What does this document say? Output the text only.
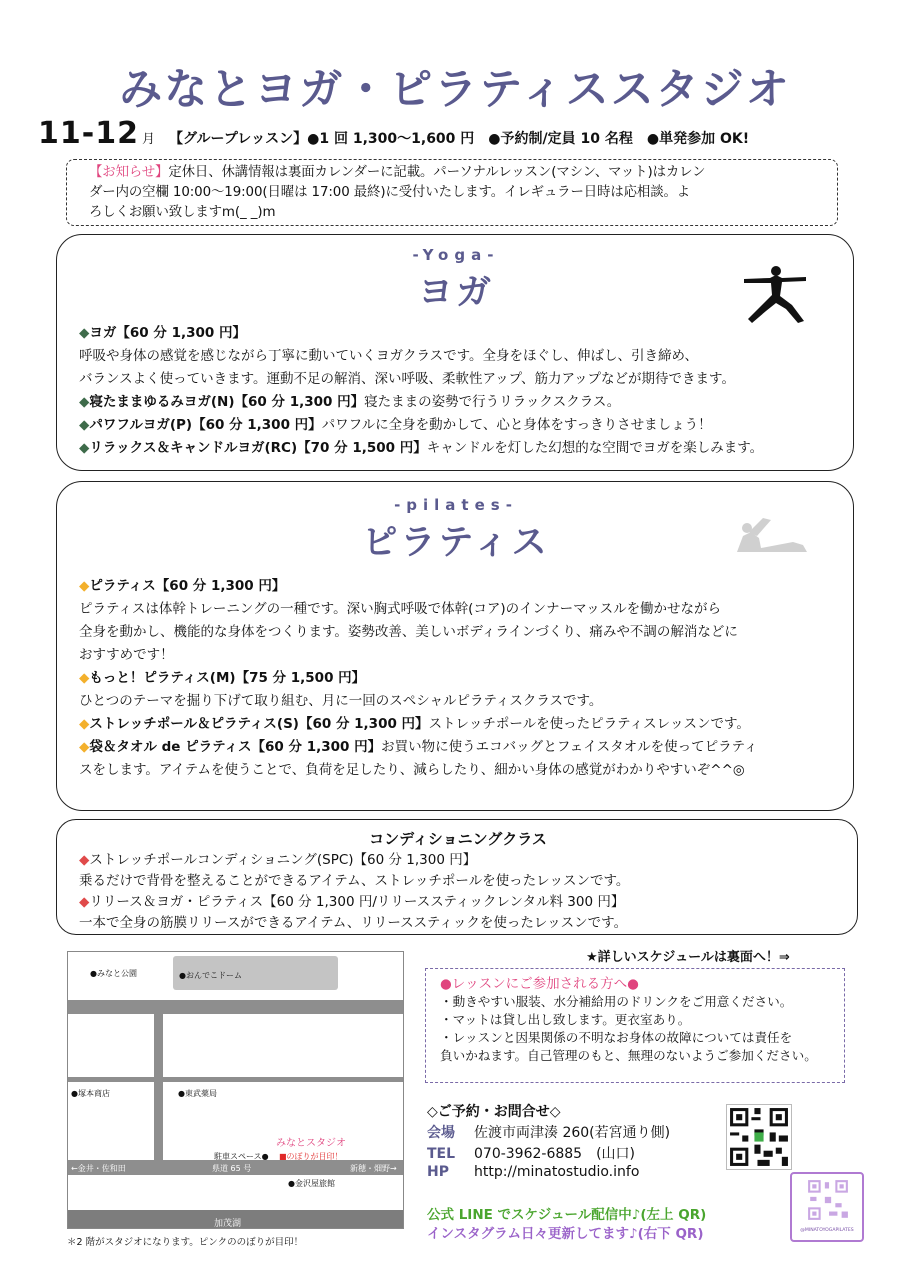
みなとヨガ・ピラティススタジオ
11-12 月 【グループレッスン】●1 回 1,300〜1,600 円　●予約制/定員 10 名程　●単発参加 OK!
【お知らせ】定休日、休講情報は裏面カレンダーに記載。パーソナルレッスン(マシン、マット)はカレン
ダー内の空欄 10:00〜19:00(日曜は 17:00 最終)に受付いたします。イレギュラー日時は応相談。よ
ろしくお願い致しますm(_ _)m
-Yoga-
ヨガ
◆ヨガ【60 分 1,300 円】
呼吸や身体の感覚を感じながら丁寧に動いていくヨガクラスです。全身をほぐし、伸ばし、引き締め、
バランスよく使っていきます。運動不足の解消、深い呼吸、柔軟性アップ、筋力アップなどが期待できます。
◆寝たままゆるみヨガ(N)【60 分 1,300 円】寝たままの姿勢で行うリラックスクラス。
◆パワフルヨガ(P)【60 分 1,300 円】パワフルに全身を動かして、心と身体をすっきりさせましょう！
◆リラックス＆キャンドルヨガ(RC)【70 分 1,500 円】キャンドルを灯した幻想的な空間でヨガを楽しみます。
-pilates-
ピラティス
◆ピラティス【60 分 1,300 円】
ピラティスは体幹トレーニングの一種です。深い胸式呼吸で体幹(コア)のインナーマッスルを働かせながら
全身を動かし、機能的な身体をつくります。姿勢改善、美しいボディラインづくり、痛みや不調の解消などに
おすすめです！
◆もっと！ピラティス(M)【75 分 1,500 円】
ひとつのテーマを掘り下げて取り組む、月に一回のスペシャルピラティスクラスです。
◆ストレッチポール＆ピラティス(S)【60 分 1,300 円】ストレッチポールを使ったピラティスレッスンです。
◆袋＆タオル de ピラティス【60 分 1,300 円】お買い物に使うエコバッグとフェイスタオルを使ってピラティ
スをします。アイテムを使うことで、負荷を足したり、減らしたり、細かい身体の感覚がわかりやすいぞ^^◎
コンディショニングクラス
◆ストレッチポールコンディショニング(SPC)【60 分 1,300 円】
乗るだけで背骨を整えることができるアイテム、ストレッチポールを使ったレッスンです。
◆リリース＆ヨガ・ピラティス【60 分 1,300 円/リリーススティックレンタル料 300 円】
一本で全身の筋膜リリースができるアイテム、リリーススティックを使ったレッスンです。
●おんでこドーム
●みなと公園
●塚本商店	●東武薬局
みなとスタジオ
駐車スペース● ■のぼりが目印！
←金井・佐和田	県道 65 号	新穂・畑野→
●金沢屋旅館
加茂湖
＊2 階がスタジオになります。ピンクののぼりが目印！
★詳しいスケジュールは裏面へ！⇒
●レッスンにご参加される方へ●
・動きやすい服装、水分補給用のドリンクをご用意ください。
・マットは貸し出し致します。更衣室あり。
・レッスンと因果関係の不明なお身体の故障については責任を
負いかねます。自己管理のもと、無理のないようご参加ください。
◇ご予約・お問合せ◇
会場 佐渡市両津湊 260(若宮通り側)
TEL 070-3962-6885　(山口)
HP http://minatostudio.info
公式 LINE でスケジュール配信中♪(左上 QR)
インスタグラム日々更新してます♪(右下 QR)	@MINATOYOGAPILATES
